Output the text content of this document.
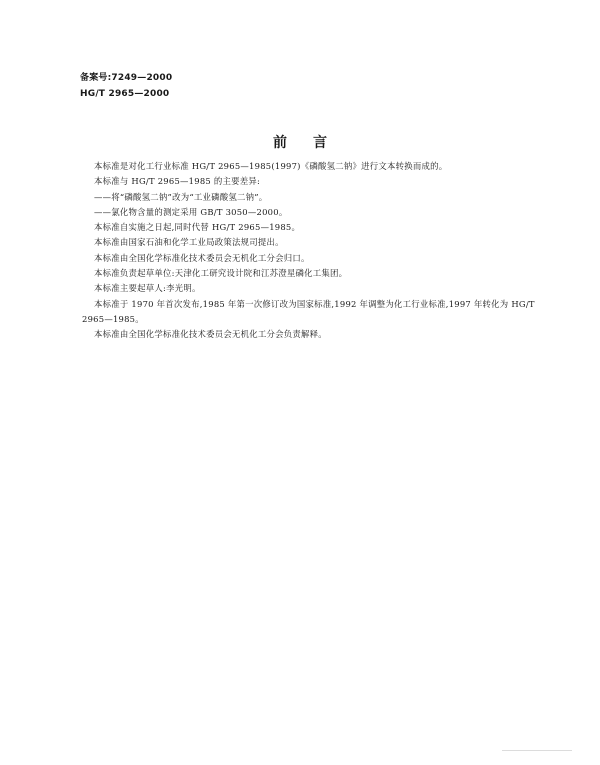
备案号:7249—2000
HG/T 2965—2000
前言

本标准是对化工行业标准 HG/T 2965—1985(1997)《磷酸氢二钠》进行文本转换而成的。

本标准与 HG/T 2965—1985 的主要差异:

——将“磷酸氢二钠”改为“工业磷酸氢二钠”。

——氯化物含量的测定采用 GB/T 3050—2000。

本标准自实施之日起,同时代替 HG/T 2965—1985。

本标准由国家石油和化学工业局政策法规司提出。

本标准由全国化学标准化技术委员会无机化工分会归口。

本标准负责起草单位:天津化工研究设计院和江苏澄星磷化工集团。

本标准主要起草人:李光明。

本标准于 1970 年首次发布,1985 年第一次修订改为国家标准,1992 年调整为化工行业标准,1997 年转化为 HG/T 2965—1985。

本标准由全国化学标准化技术委员会无机化工分会负责解释。
